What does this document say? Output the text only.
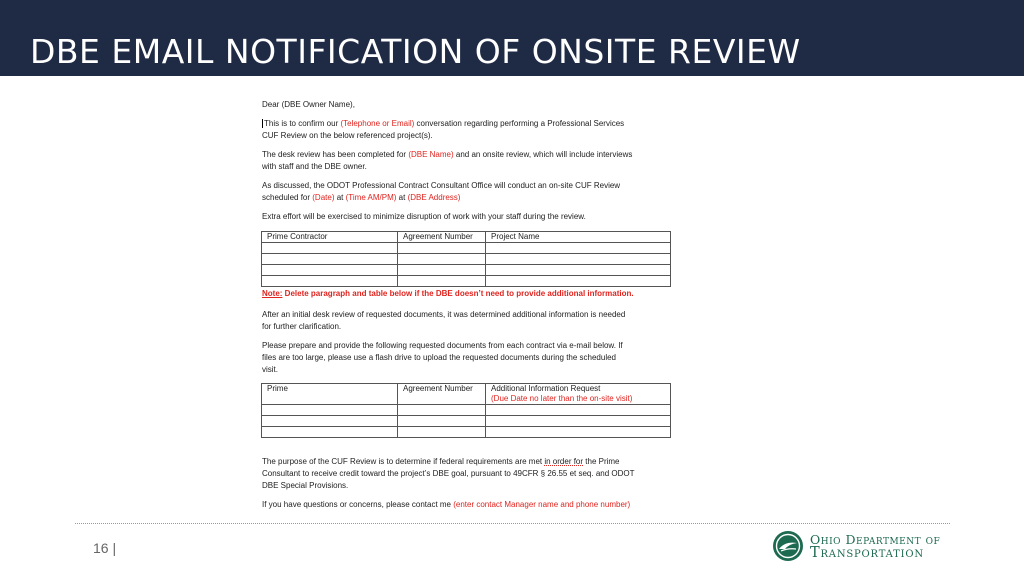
DBE EMAIL NOTIFICATION OF ONSITE REVIEW

Dear (DBE Owner Name),

This is to confirm our (Telephone or Email) conversation regarding performing a Professional Services
CUF Review on the below referenced project(s).

The desk review has been completed for (DBE Name) and an onsite review, which will include interviews
with staff and the DBE owner.

As discussed, the ODOT Professional Contract Consultant Office will conduct an on-site CUF Review
scheduled for (Date) at (Time AM/PM) at (DBE Address)

Extra effort will be exercised to minimize disruption of work with your staff during the review.

Prime Contractor	Agreement Number	Project Name

Note: Delete paragraph and table below if the DBE doesn’t need to provide additional information.

After an initial desk review of requested documents, it was determined additional information is needed
for further clarification.

Please prepare and provide the following requested documents from each contract via e-mail below. If
files are too large, please use a flash drive to upload the requested documents during the scheduled
visit.

Prime	Agreement Number	Additional Information Request
(Due Date no later than the on-site visit)

The purpose of the CUF Review is to determine if federal requirements are met in order for the Prime
Consultant to receive credit toward the project’s DBE goal, pursuant to 49CFR § 26.55 et seq. and ODOT
DBE Special Provisions.

If you have questions or concerns, please contact me (enter contact Manager name and phone number)

16 |
Ohio Department of
Transportation
